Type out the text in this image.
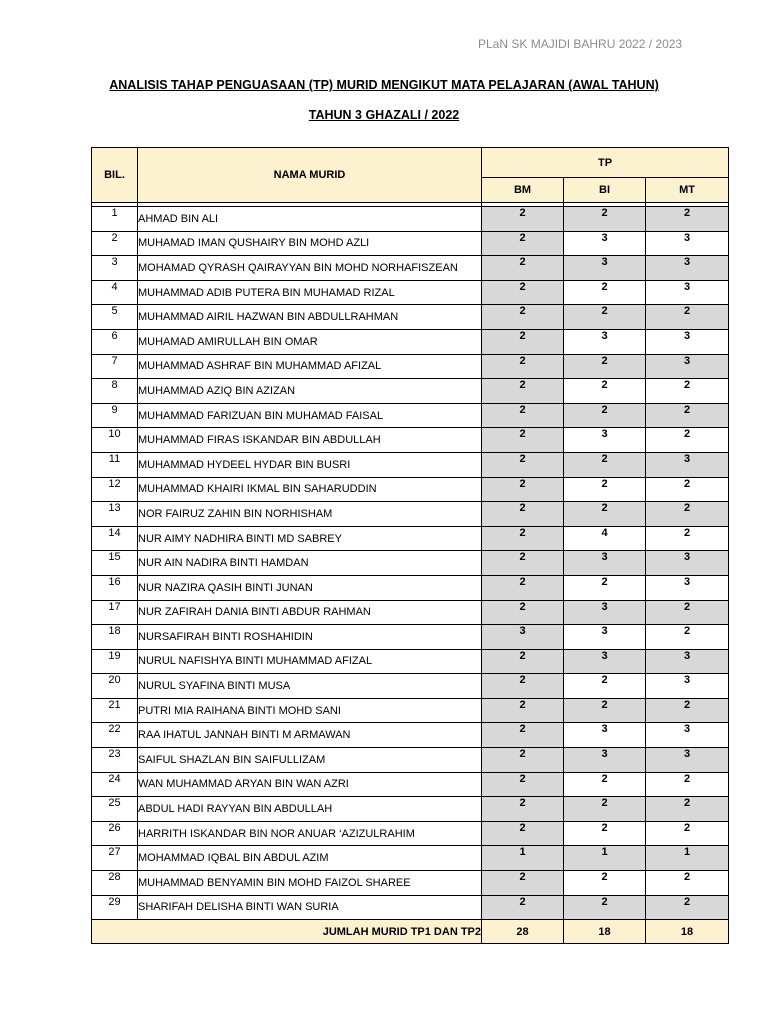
PLaN SK MAJIDI BAHRU 2022 / 2023
ANALISIS TAHAP PENGUASAAN (TP) MURID MENGIKUT MATA PELAJARAN (AWAL TAHUN)
TAHUN 3 GHAZALI / 2022
BIL.	NAMA MURID	TP		
		BM	BI	MT

1	AHMAD BIN ALI	2	2	2
2	MUHAMAD IMAN QUSHAIRY BIN MOHD AZLI	2	3	3
3	MOHAMAD QYRASH QAIRAYYAN BIN MOHD NORHAFISZEAN	2	3	3
4	MUHAMMAD ADIB PUTERA BIN MUHAMAD RIZAL	2	2	3
5	MUHAMMAD AIRIL HAZWAN BIN ABDULLRAHMAN	2	2	2
6	MUHAMAD AMIRULLAH BIN OMAR	2	3	3
7	MUHAMMAD ASHRAF BIN MUHAMMAD AFIZAL	2	2	3
8	MUHAMMAD AZIQ BIN AZIZAN	2	2	2
9	MUHAMMAD FARIZUAN BIN MUHAMAD FAISAL	2	2	2
10	MUHAMMAD FIRAS ISKANDAR BIN ABDULLAH	2	3	2
11	MUHAMMAD HYDEEL HYDAR BIN BUSRI	2	2	3
12	MUHAMMAD KHAIRI IKMAL BIN SAHARUDDIN	2	2	2
13	NOR FAIRUZ ZAHIN BIN NORHISHAM	2	2	2
14	NUR AIMY NADHIRA BINTI MD SABREY	2	4	2
15	NUR AIN NADIRA BINTI HAMDAN	2	3	3
16	NUR NAZIRA QASIH BINTI JUNAN	2	2	3
17	NUR ZAFIRAH DANIA BINTI ABDUR RAHMAN	2	3	2
18	NURSAFIRAH BINTI ROSHAHIDIN	3	3	2
19	NURUL NAFISHYA BINTI MUHAMMAD AFIZAL	2	3	3
20	NURUL SYAFINA BINTI MUSA	2	2	3
21	PUTRI MIA RAIHANA BINTI MOHD SANI	2	2	2
22	RAA IHATUL JANNAH BINTI M ARMAWAN	2	3	3
23	SAIFUL SHAZLAN BIN SAIFULLIZAM	2	3	3
24	WAN MUHAMMAD ARYAN BIN WAN AZRI	2	2	2
25	ABDUL HADI RAYYAN BIN ABDULLAH	2	2	2
26	HARRITH ISKANDAR BIN NOR ANUAR ‘AZIZULRAHIM	2	2	2
27	MOHAMMAD IQBAL BIN ABDUL AZIM	1	1	1
28	MUHAMMAD BENYAMIN BIN MOHD FAIZOL SHAREE	2	2	2
29	SHARIFAH DELISHA BINTI WAN SURIA	2	2	2
JUMLAH MURID TP1 DAN TP2		28	18	18
